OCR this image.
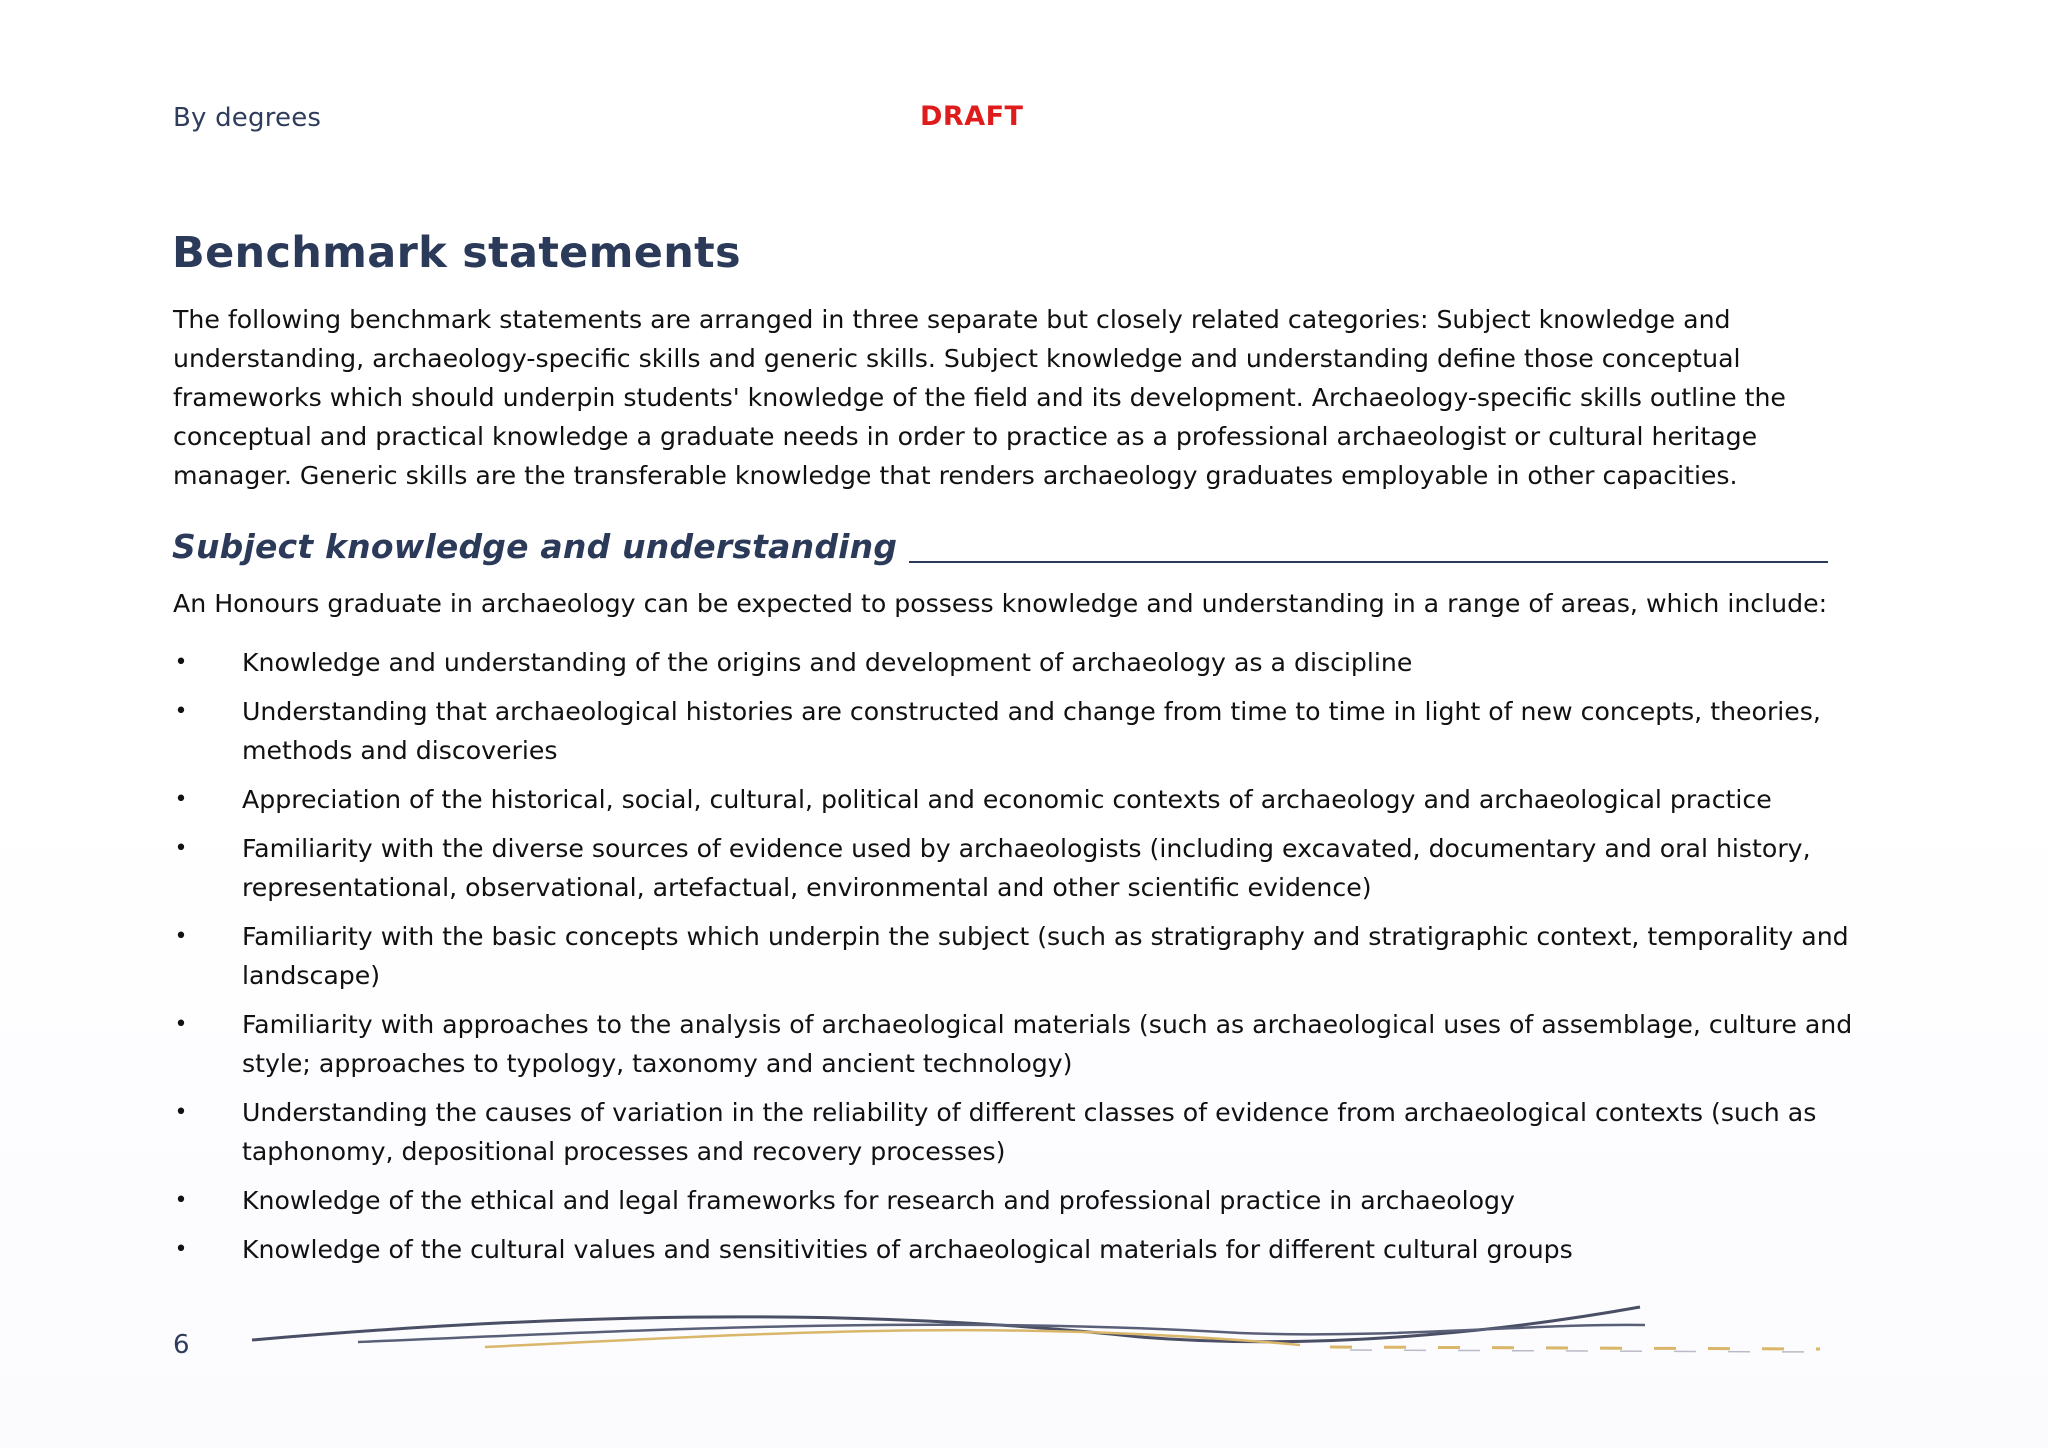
By degrees	DRAFT
Benchmark statements

The following benchmark statements are arranged in three separate but closely related categories: Subject knowledge and understanding, archaeology-specific skills and generic skills. Subject knowledge and understanding define those conceptual frameworks which should underpin students' knowledge of the field and its development. Archaeology-specific skills outline the conceptual and practical knowledge a graduate needs in order to practice as a professional archaeologist or cultural heritage manager. Generic skills are the transferable knowledge that renders archaeology graduates employable in other capacities.

Subject knowledge and understanding

An Honours graduate in archaeology can be expected to possess knowledge and understanding in a range of areas, which include:

• Knowledge and understanding of the origins and development of archaeology as a discipline
• Understanding that archaeological histories are constructed and change from time to time in light of new concepts, theories, methods and discoveries
• Appreciation of the historical, social, cultural, political and economic contexts of archaeology and archaeological practice
• Familiarity with the diverse sources of evidence used by archaeologists (including excavated, documentary and oral history, representational, observational, artefactual, environmental and other scientific evidence)
• Familiarity with the basic concepts which underpin the subject (such as stratigraphy and stratigraphic context, temporality and landscape)
• Familiarity with approaches to the analysis of archaeological materials (such as archaeological uses of assemblage, culture and style; approaches to typology, taxonomy and ancient technology)
• Understanding the causes of variation in the reliability of different classes of evidence from archaeological contexts (such as taphonomy, depositional processes and recovery processes)
• Knowledge of the ethical and legal frameworks for research and professional practice in archaeology
• Knowledge of the cultural values and sensitivities of archaeological materials for different cultural groups
6
